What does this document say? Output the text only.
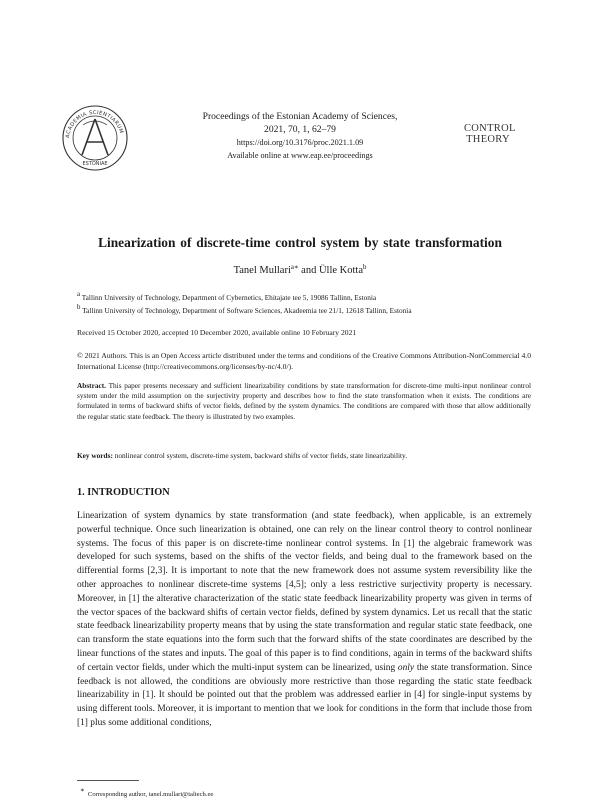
ACADEMIA SCIENTIARUM
ESTONIAE
Proceedings of the Estonian Academy of Sciences,
2021, 70, 1, 62–79
https://doi.org/10.3176/proc.2021.1.09
Available online at www.eap.ee/proceedings
CONTROL
THEORY
Linearization of discrete-time control system by state transformation
Tanel Mullari$^{a∗}$ and Ülle Kotta$^b$
a Tallinn University of Technology, Department of Cybernetics, Ehitajate tee 5, 19086 Tallinn, Estonia
b Tallinn University of Technology, Department of Software Sciences, Akadeemia tee 21/1, 12618 Tallinn, Estonia
Received 15 October 2020, accepted 10 December 2020, available online 10 February 2021
© 2021 Authors. This is an Open Access article distributed under the terms and conditions of the Creative Commons Attribution-NonCommercial 4.0 International License (http://creativecommons.org/licenses/by-nc/4.0/).
Abstract. This paper presents necessary and sufficient linearizability conditions by state transformation for discrete-time multi-input nonlinear control system under the mild assumption on the surjectivity property and describes how to find the state transformation when it exists. The conditions are formulated in terms of backward shifts of vector fields, defined by the system dynamics. The conditions are compared with those that allow additionally the regular static state feedback. The theory is illustrated by two examples.
Key words: nonlinear control system, discrete-time system, backward shifts of vector fields, state linearizability.
1. INTRODUCTION
Linearization of system dynamics by state transformation (and state feedback), when applicable, is an extremely powerful technique. Once such linearization is obtained, one can rely on the linear control theory to control nonlinear systems. The focus of this paper is on discrete-time nonlinear control systems. In [1] the algebraic framework was developed for such systems, based on the shifts of the vector fields, and being dual to the framework based on the differential forms [2,3]. It is important to note that the new framework does not assume system reversibility like the other approaches to nonlinear discrete-time systems [4,5]; only a less restrictive surjectivity property is necessary. Moreover, in [1] the alterative characterization of the static state feedback linearizability property was given in terms of the vector spaces of the backward shifts of certain vector fields, defined by system dynamics. Let us recall that the static state feedback linearizability property means that by using the state transformation and regular static state feedback, one can transform the state equations into the form such that the forward shifts of the state coordinates are described by the linear functions of the states and inputs. The goal of this paper is to find conditions, again in terms of the backward shifts of certain vector fields, under which the multi-input system can be linearized, using only the state transformation. Since feedback is not allowed, the conditions are obviously more restrictive than those regarding the static state feedback linearizability in [1]. It should be pointed out that the problem was addressed earlier in [4] for single-input systems by using different tools. Moreover, it is important to mention that we look for conditions in the form that include those from [1] plus some additional conditions,
∗  Corresponding author, tanel.mullari@taltech.ee
